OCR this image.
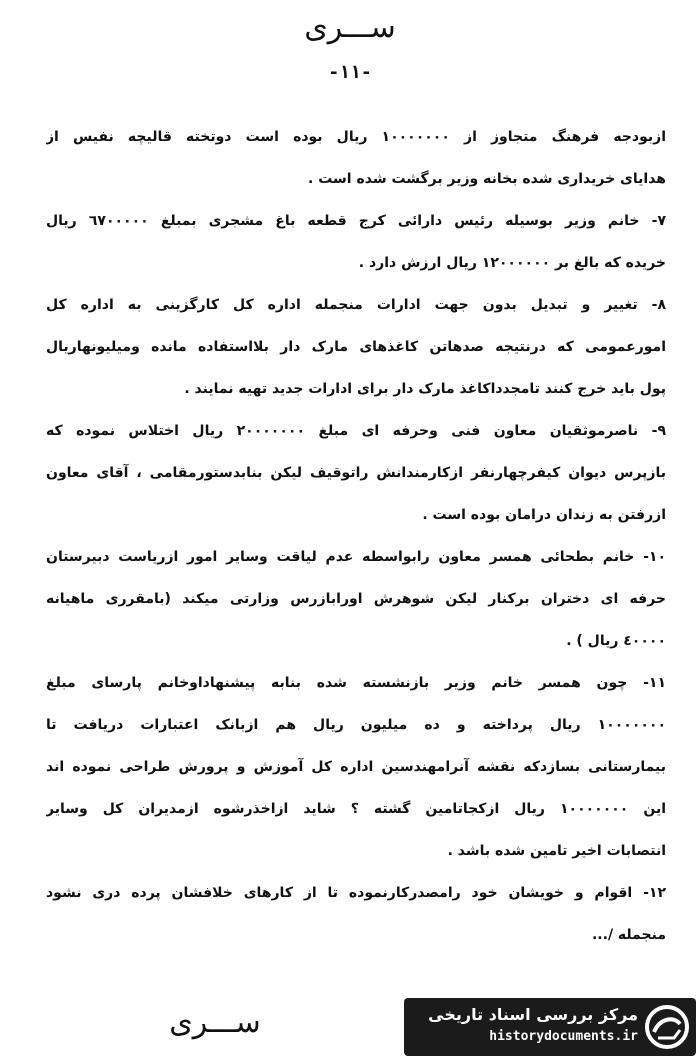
ســـری
-١١-
ازبودجه فرهنگ متجاوز از ١٠٠٠٠٠٠٠ ریال بوده است دوتخته قالیچه نفیس از
هدایای خریداری شده بخانه وزیر برگشت شده است .
٧- خانم وزیر بوسیله رئیس دارائی کرج قطعه باغ مشجری بمبلغ ٦٧٠٠٠٠٠ ریال
خریده که بالغ بر ١٢٠٠٠٠٠٠ ریال ارزش دارد .
٨- تغییر و تبدیل بدون جهت ادارات منجمله اداره کل کارگزینی به اداره کل
امورعمومی که درنتیجه صدهاتن کاغذهای مارک دار بلااستفاده مانده ومیلیونهاریال
پول باید خرج کنند تامجدداکاغذ مارک دار برای ادارات جدید تهیه نمایند .
٩- ناصرموثقیان معاون فنی وحرفه ای مبلغ ٢٠٠٠٠٠٠٠ ریال اختلاس نموده که
بازپرس دیوان کیفرچهارنفر ازکارمندانش راتوقیف لیکن بنابدستورمقامی ، آقای معاون
ازرفتن به زندان درامان بوده است .
١٠- خانم بطحائی همسر معاون رابواسطه عدم لیاقت وسایر امور ازریاست دبیرستان
حرفه ای دختران برکنار لیکن شوهرش اورابازرس وزارتی میکند (بامقرری ماهیانه
٤٠٠٠٠ ریال ) .
١١- چون همسر خانم وزیر بازنشسته شده بنابه پیشنهاداوخانم پارسای مبلغ
١٠٠٠٠٠٠٠ ریال پرداخته و ده میلیون ریال هم ازبانک اعتبارات دریافت تا
بیمارستانی بسازدکه نقشه آنرامهندسین اداره کل آموزش و پرورش طراحی نموده اند
این ١٠٠٠٠٠٠٠ ریال ازکجاتامین گشته ؟ شاید ازاخذرشوه ازمدیران کل وسایر
انتصابات اخیر تامین شده باشد .
١٢- اقوام و خویشان خود رامصدرکارنموده تا از کارهای خلافشان پرده دری نشود
منجمله /...
ســـری	مرکز بررسی اسناد تاریخی
historydocuments.ir
